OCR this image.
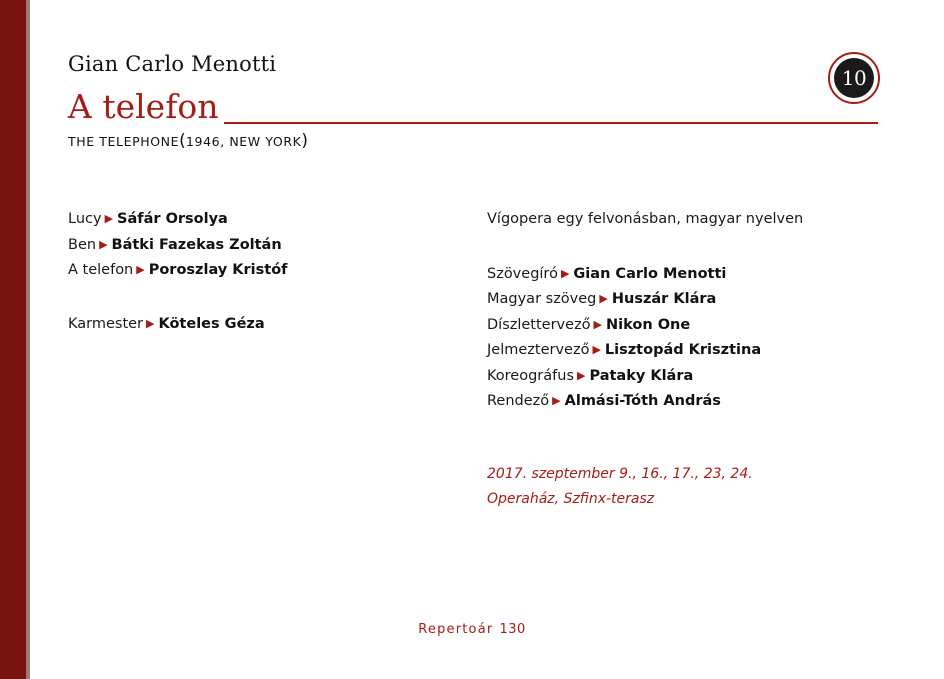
Gian Carlo Menotti
A telefon
THE TELEPHONE(1946, NEW YORK)
10
Lucy ▶ Sáfár Orsolya
Ben ▶ Bátki Fazekas Zoltán
A telefon ▶ Poroszlay Kristóf
Karmester ▶ Köteles Géza
Vígopera egy felvonásban, magyar nyelven
Szövegíró ▶ Gian Carlo Menotti
Magyar szöveg ▶ Huszár Klára
Díszlettervező ▶ Nikon One
Jelmeztervező ▶ Lisztopád Krisztina
Koreográfus ▶ Pataky Klára
Rendező ▶ Almási-Tóth András
2017. szeptember 9., 16., 17., 23, 24.
Operaház, Szfinx-terasz
Repertоár 130
